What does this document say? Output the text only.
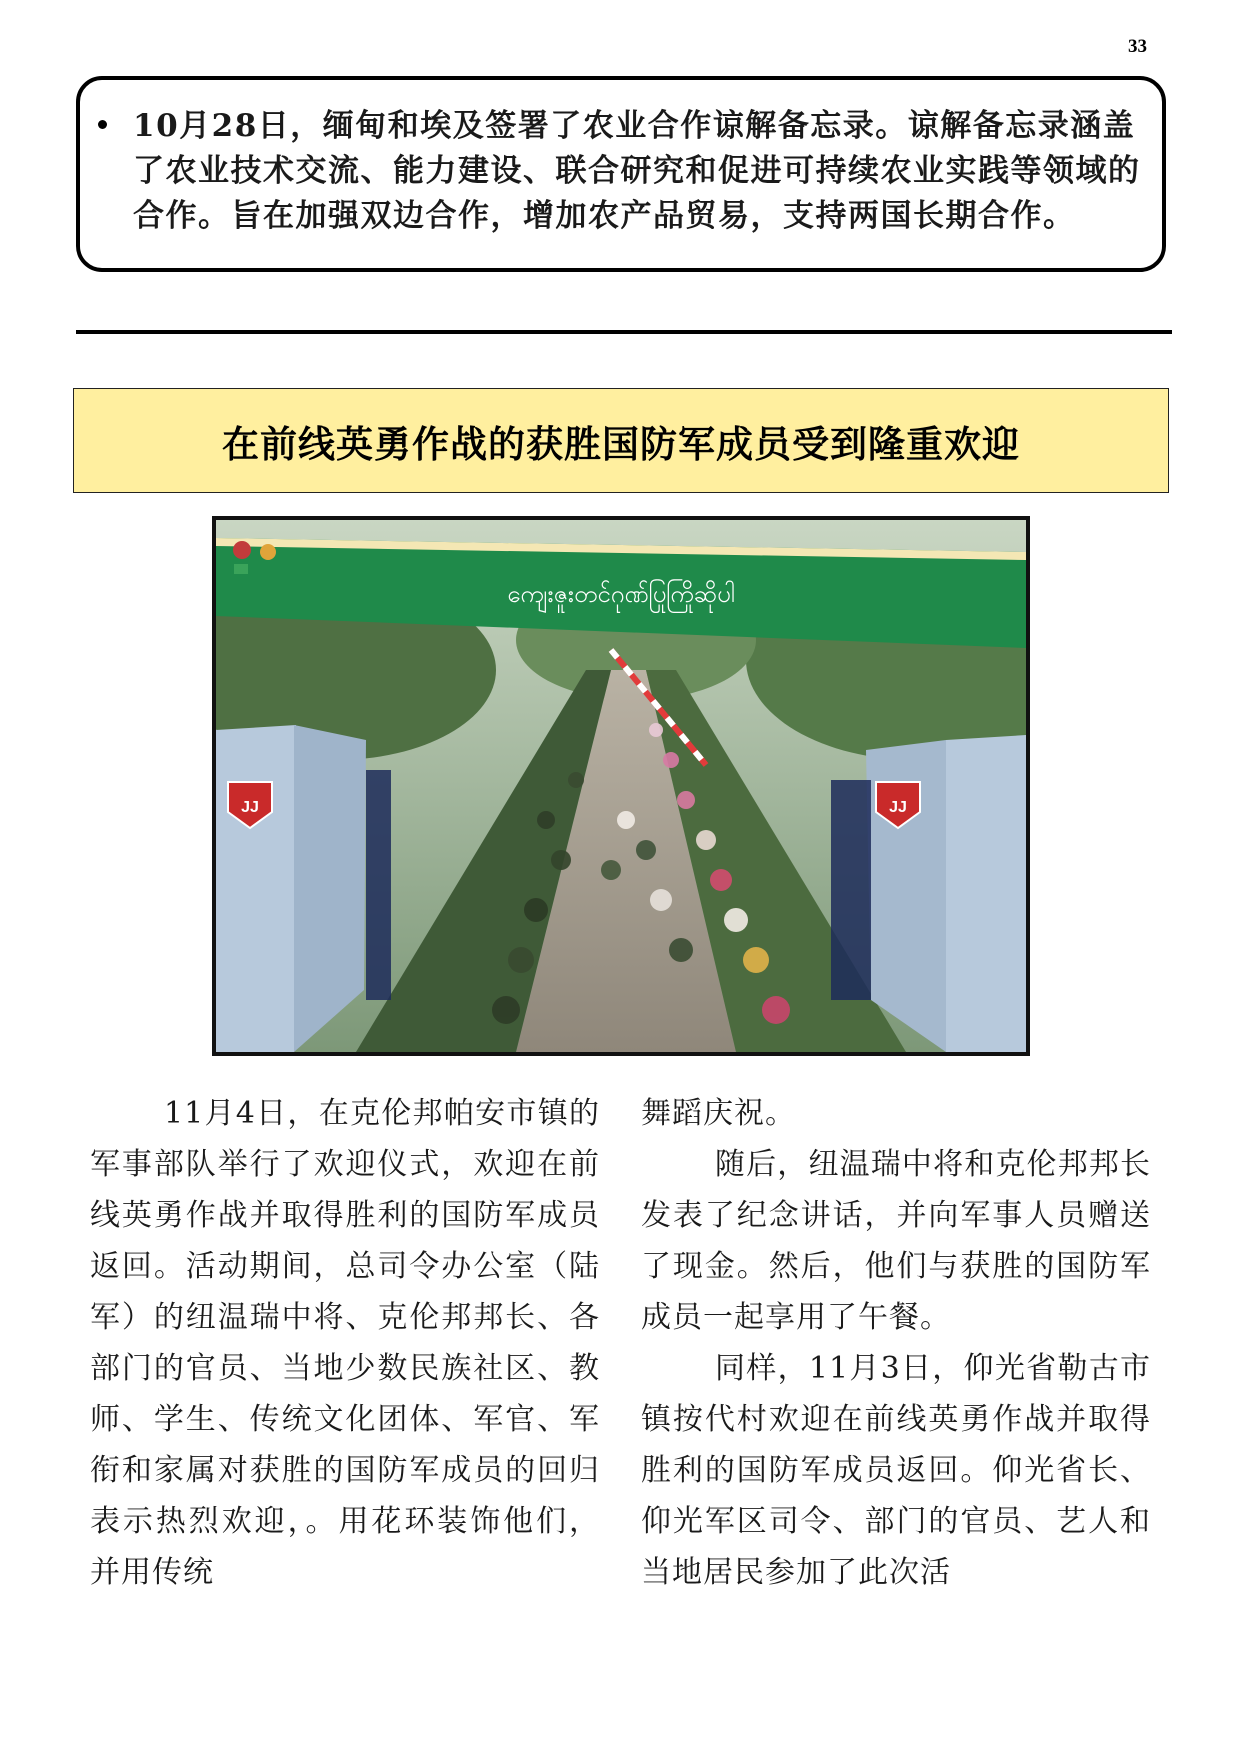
33

10月28日，缅甸和埃及签署了农业合作谅解备忘录。谅解备忘录涵盖了农业技术交流、能力建设、联合研究和促进可持续农业实践等领域的合作。旨在加强双边合作，增加农产品贸易，支持两国长期合作。

在前线英勇作战的获胜国防军成员受到隆重欢迎
JJ	JJ
ကျေးဇူးတင်ဂုဏ်ပြုကြိုဆိုပါ

11月4日，在克伦邦帕安市镇的军事部队举行了欢迎仪式，欢迎在前线英勇作战并取得胜利的国防军成员返回。活动期间，总司令办公室（陆军）的纽温瑞中将、克伦邦邦长、各部门的官员、当地少数民族社区、教师、学生、传统文化团体、军官、军衔和家属对获胜的国防军成员的回归表示热烈欢迎，。用花环装饰他们，并用传统

舞蹈庆祝。

随后，纽温瑞中将和克伦邦邦长发表了纪念讲话，并向军事人员赠送了现金。然后，他们与获胜的国防军成员一起享用了午餐。

同样，11月3日，仰光省勒古市镇按代村欢迎在前线英勇作战并取得胜利的国防军成员返回。仰光省长、仰光军区司令、部门的官员、艺人和当地居民参加了此次活
